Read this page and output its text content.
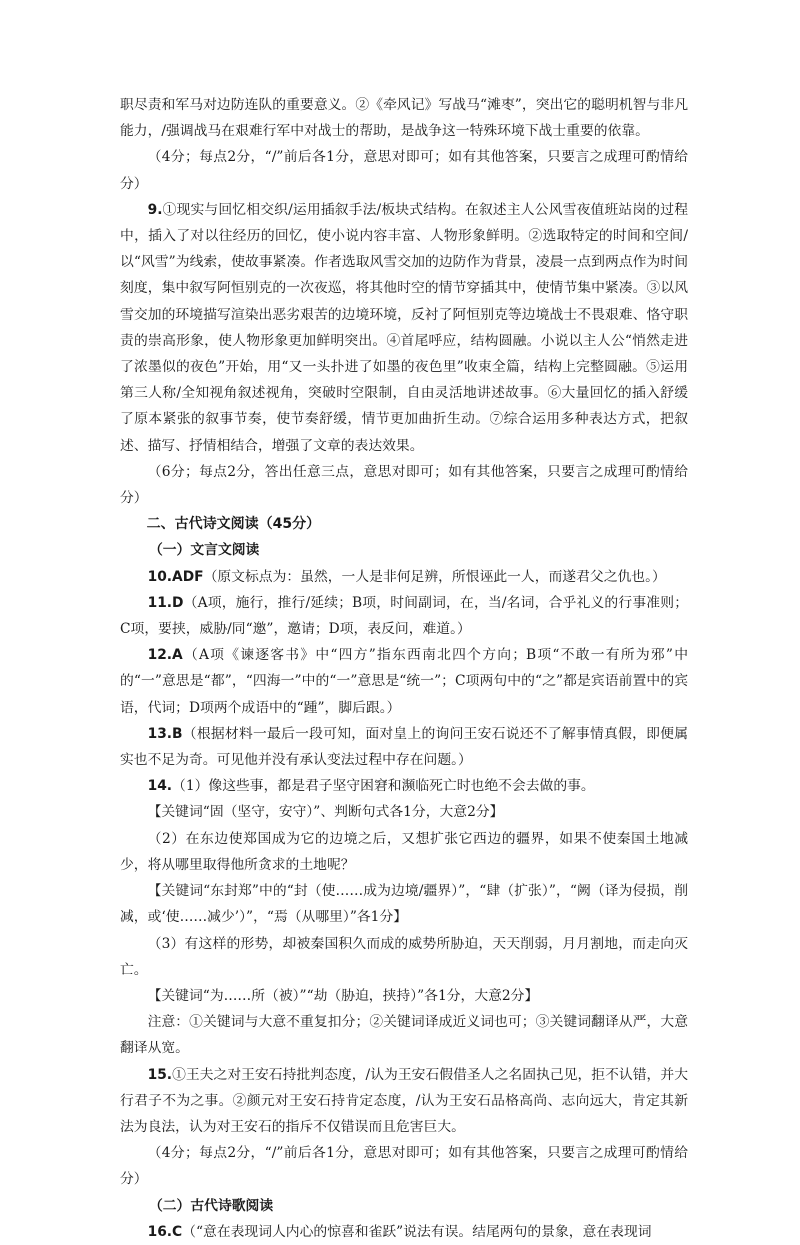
职尽责和军马对边防连队的重要意义。②《牵风记》写战马“滩枣”，突出它的聪明机智与非凡能力，/强调战马在艰难行军中对战士的帮助，是战争这一特殊环境下战士重要的依靠。

（4分；每点2分，“/”前后各1分，意思对即可；如有其他答案，只要言之成理可酌情给分）

9.①现实与回忆相交织/运用插叙手法/板块式结构。在叙述主人公风雪夜值班站岗的过程中，插入了对以往经历的回忆，使小说内容丰富、人物形象鲜明。②选取特定的时间和空间/以“风雪”为线索，使故事紧凑。作者选取风雪交加的边防作为背景，凌晨一点到两点作为时间刻度，集中叙写阿恒别克的一次夜巡，将其他时空的情节穿插其中，使情节集中紧凑。③以风雪交加的环境描写渲染出恶劣艰苦的边境环境，反衬了阿恒别克等边境战士不畏艰难、恪守职责的崇高形象，使人物形象更加鲜明突出。④首尾呼应，结构圆融。小说以主人公“悄然走进了浓墨似的夜色”开始，用“又一头扑进了如墨的夜色里”收束全篇，结构上完整圆融。⑤运用第三人称/全知视角叙述视角，突破时空限制，自由灵活地讲述故事。⑥大量回忆的插入舒缓了原本紧张的叙事节奏，使节奏舒缓，情节更加曲折生动。⑦综合运用多种表达方式，把叙述、描写、抒情相结合，增强了文章的表达效果。

（6分；每点2分，答出任意三点，意思对即可；如有其他答案，只要言之成理可酌情给分）

二、古代诗文阅读（45分）

（一）文言文阅读

10.ADF（原文标点为：虽然，一人是非何足辨，所恨诬此一人，而遂君父之仇也。）

11.D（A项，施行，推行/延续；B项，时间副词，在，当/名词，合乎礼义的行事准则；C项，要挟，威胁/同“邀”，邀请；D项，表反问，难道。）

12.A（A项《谏逐客书》中“四方”指东西南北四个方向；B项“不敢一有所为邪”中的“一”意思是“都”，“四海一”中的“一”意思是“统一”；C项两句中的“之”都是宾语前置中的宾语，代词；D项两个成语中的“踵”，脚后跟。）

13.B（根据材料一最后一段可知，面对皇上的询问王安石说还不了解事情真假，即便属实也不足为奇。可见他并没有承认变法过程中存在问题。）

14.（1）像这些事，都是君子坚守困窘和濒临死亡时也绝不会去做的事。

【关键词“固（坚守，安守）”、判断句式各1分，大意2分】

（2）在东边使郑国成为它的边境之后，又想扩张它西边的疆界，如果不使秦国土地减少，将从哪里取得他所贪求的土地呢？

【关键词“东封郑”中的“封（使……成为边境/疆界）”，“肆（扩张）”，“阙（译为侵损，削减，或‘使……减少’）”，“焉（从哪里）”各1分】

（3）有这样的形势，却被秦国积久而成的威势所胁迫，天天削弱，月月割地，而走向灭亡。

【关键词“为……所（被）”“劫（胁迫，挟持）”各1分，大意2分】

注意：①关键词与大意不重复扣分；②关键词译成近义词也可；③关键词翻译从严，大意翻译从宽。

15.①王夫之对王安石持批判态度，/认为王安石假借圣人之名固执己见，拒不认错，并大行君子不为之事。②颜元对王安石持肯定态度，/认为王安石品格高尚、志向远大，肯定其新法为良法，认为对王安石的指斥不仅错误而且危害巨大。

（4分；每点2分，“/”前后各1分，意思对即可；如有其他答案，只要言之成理可酌情给分）

（二）古代诗歌阅读

16.C（“意在表现词人内心的惊喜和雀跃”说法有误。结尾两句的景象，意在表现词
